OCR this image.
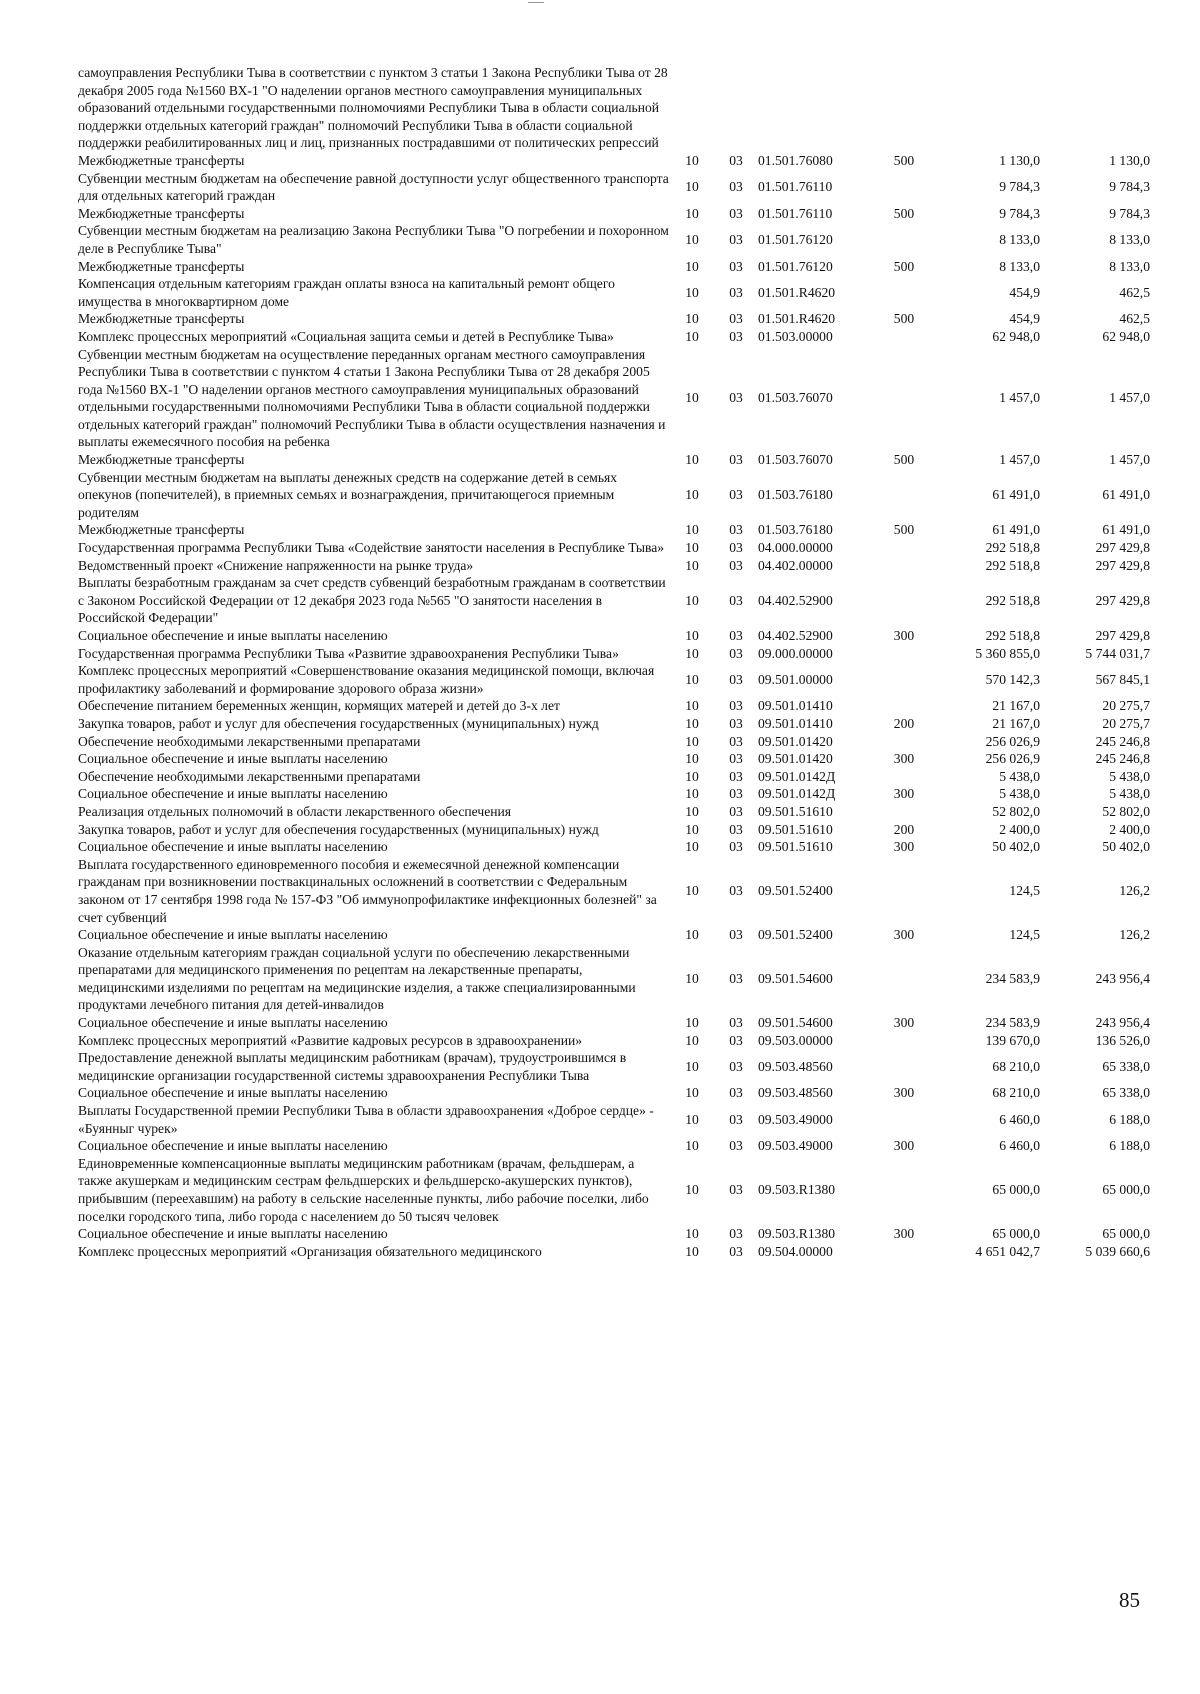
самоуправления Республики Тыва в соответствии с пунктом 3 статьи 1 Закона Республики Тыва от 28 декабря 2005 года №1560 ВХ-1 "О наделении органов местного самоуправления муниципальных образований отдельными государственными полномочиями Республики Тыва в области социальной поддержки отдельных категорий граждан" полномочий Республики Тыва в области социальной поддержки реабилитированных лиц и лиц, признанных пострадавшими от политических репрессий						
Межбюджетные трансферты	10	03	01.501.76080	500	1 130,0	1 130,0
Субвенции местным бюджетам на обеспечение равной доступности услуг общественного транспорта для отдельных категорий граждан	10	03	01.501.76110		9 784,3	9 784,3
Межбюджетные трансферты	10	03	01.501.76110	500	9 784,3	9 784,3
Субвенции местным бюджетам на реализацию Закона Республики Тыва "О погребении и похоронном деле в Республике Тыва"	10	03	01.501.76120		8 133,0	8 133,0
Межбюджетные трансферты	10	03	01.501.76120	500	8 133,0	8 133,0
Компенсация отдельным категориям граждан оплаты взноса на капитальный ремонт общего имущества в многоквартирном доме	10	03	01.501.R4620		454,9	462,5
Межбюджетные трансферты	10	03	01.501.R4620	500	454,9	462,5
Комплекс процессных мероприятий «Социальная защита семьи и детей в Республике Тыва»	10	03	01.503.00000		62 948,0	62 948,0
Субвенции местным бюджетам на осуществление переданных органам местного самоуправления Республики Тыва в соответствии с пунктом 4 статьи 1 Закона Республики Тыва от 28 декабря 2005 года №1560 ВХ-1 "О наделении органов местного самоуправления муниципальных образований отдельными государственными полномочиями Республики Тыва в области социальной поддержки отдельных категорий граждан" полномочий Республики Тыва в области осуществления назначения и выплаты ежемесячного пособия на ребенка	10	03	01.503.76070		1 457,0	1 457,0
Межбюджетные трансферты	10	03	01.503.76070	500	1 457,0	1 457,0
Субвенции местным бюджетам на выплаты денежных средств на содержание детей в семьях опекунов (попечителей), в приемных семьях и вознаграждения, причитающегося приемным родителям	10	03	01.503.76180		61 491,0	61 491,0
Межбюджетные трансферты	10	03	01.503.76180	500	61 491,0	61 491,0
Государственная программа Республики Тыва «Содействие занятости населения в Республике Тыва»	10	03	04.000.00000		292 518,8	297 429,8
Ведомственный проект «Снижение напряженности на рынке труда»	10	03	04.402.00000		292 518,8	297 429,8
Выплаты безработным гражданам за счет средств субвенций безработным гражданам в соответствии с Законом Российской Федерации от 12 декабря 2023 года №565 "О занятости населения в Российской Федерации"	10	03	04.402.52900		292 518,8	297 429,8
Социальное обеспечение и иные выплаты населению	10	03	04.402.52900	300	292 518,8	297 429,8
Государственная программа Республики Тыва «Развитие здравоохранения Республики Тыва»	10	03	09.000.00000		5 360 855,0	5 744 031,7
Комплекс процессных мероприятий «Совершенствование оказания медицинской помощи, включая профилактику заболеваний и формирование здорового образа жизни»	10	03	09.501.00000		570 142,3	567 845,1
Обеспечение питанием беременных женщин, кормящих матерей и детей до 3-х лет	10	03	09.501.01410		21 167,0	20 275,7
Закупка товаров, работ и услуг для обеспечения государственных (муниципальных) нужд	10	03	09.501.01410	200	21 167,0	20 275,7
Обеспечение необходимыми лекарственными препаратами	10	03	09.501.01420		256 026,9	245 246,8
Социальное обеспечение и иные выплаты населению	10	03	09.501.01420	300	256 026,9	245 246,8
Обеспечение необходимыми лекарственными препаратами	10	03	09.501.0142Д		5 438,0	5 438,0
Социальное обеспечение и иные выплаты населению	10	03	09.501.0142Д	300	5 438,0	5 438,0
Реализация отдельных полномочий в области лекарственного обеспечения	10	03	09.501.51610		52 802,0	52 802,0
Закупка товаров, работ и услуг для обеспечения государственных (муниципальных) нужд	10	03	09.501.51610	200	2 400,0	2 400,0
Социальное обеспечение и иные выплаты населению	10	03	09.501.51610	300	50 402,0	50 402,0
Выплата государственного единовременного пособия и ежемесячной денежной компенсации гражданам при возникновении поствакцинальных осложнений в соответствии с Федеральным законом от 17 сентября 1998 года № 157-ФЗ "Об иммунопрофилактике инфекционных болезней" за счет субвенций	10	03	09.501.52400		124,5	126,2
Социальное обеспечение и иные выплаты населению	10	03	09.501.52400	300	124,5	126,2
Оказание отдельным категориям граждан социальной услуги по обеспечению лекарственными препаратами для медицинского применения по рецептам на лекарственные препараты, медицинскими изделиями по рецептам на медицинские изделия, а также специализированными продуктами лечебного питания для детей-инвалидов	10	03	09.501.54600		234 583,9	243 956,4
Социальное обеспечение и иные выплаты населению	10	03	09.501.54600	300	234 583,9	243 956,4
Комплекс процессных мероприятий «Развитие кадровых ресурсов в здравоохранении»	10	03	09.503.00000		139 670,0	136 526,0
Предоставление денежной выплаты медицинским работникам (врачам), трудоустроившимся в медицинские организации государственной системы здравоохранения Республики Тыва	10	03	09.503.48560		68 210,0	65 338,0
Социальное обеспечение и иные выплаты населению	10	03	09.503.48560	300	68 210,0	65 338,0
Выплаты Государственной премии Республики Тыва в области здравоохранения «Доброе сердце» - «Буянныг чурек»	10	03	09.503.49000		6 460,0	6 188,0
Социальное обеспечение и иные выплаты населению	10	03	09.503.49000	300	6 460,0	6 188,0
Единовременные компенсационные выплаты медицинским работникам (врачам, фельдшерам, а также акушеркам и медицинским сестрам фельдшерских и фельдшерско-акушерских пунктов), прибывшим (переехавшим) на работу в сельские населенные пункты, либо рабочие поселки, либо поселки городского типа, либо города с населением до 50 тысяч человек	10	03	09.503.R1380		65 000,0	65 000,0
Социальное обеспечение и иные выплаты населению	10	03	09.503.R1380	300	65 000,0	65 000,0
Комплекс процессных мероприятий «Организация обязательного медицинского	10	03	09.504.00000		4 651 042,7	5 039 660,6
85
